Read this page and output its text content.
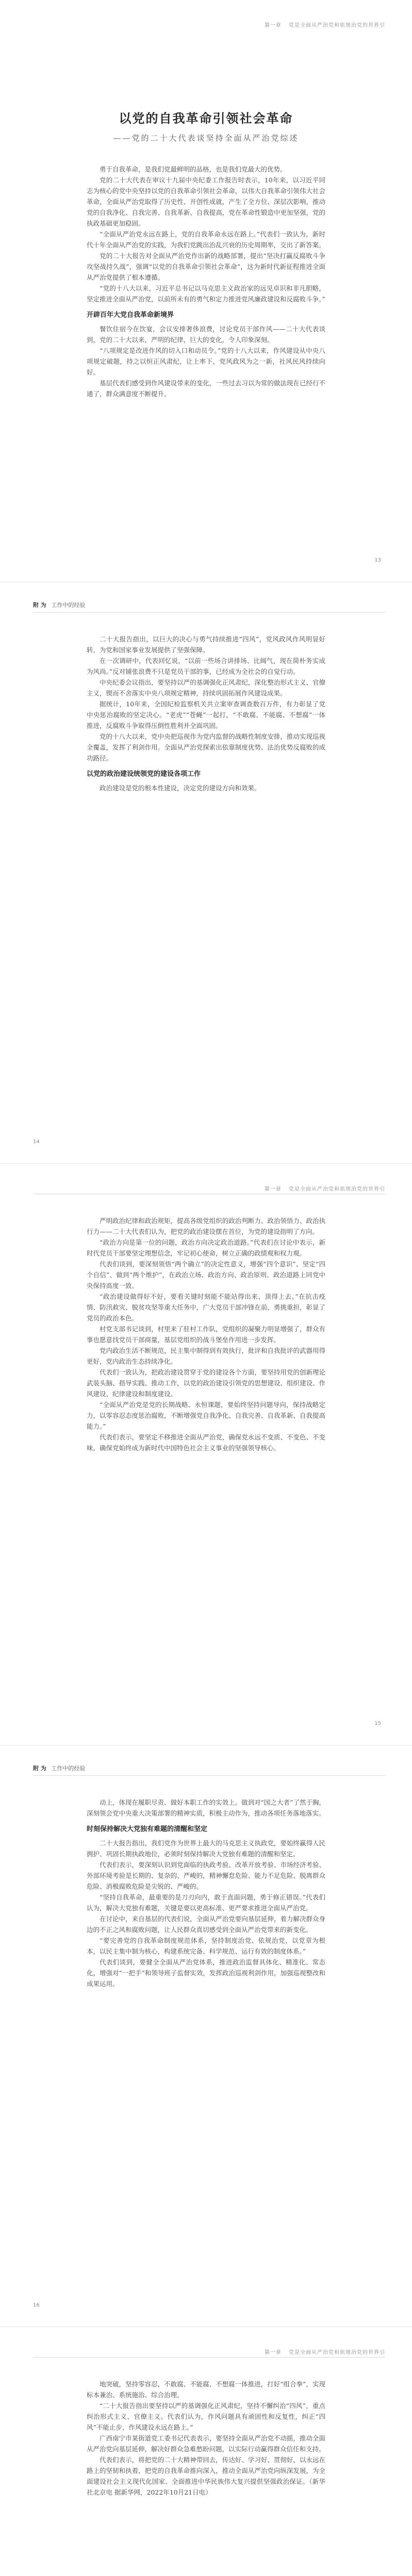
第一章 党是全面从严治党和依规治党的世界引
以党的自我革命引领社会革命
——党的二十大代表谈坚持全面从严治党综述

勇于自我革命，是我们党最鲜明的品格，也是我们党最大的优势。

党的二十大代表在审议十九届中央纪委工作报告时表示，10年来，以习近平同志为核心的党中央坚持以党的自我革命引领社会革命，以伟大自我革命引领伟大社会革命，全面从严治党取得了历史性、开创性成就，产生了全方位、深层次影响，推动党的自我净化、自我完善、自我革新、自我提高，党在革命性锻造中更加坚强，党的执政基础更加稳固。

“全面从严治党永远在路上，党的自我革命永远在路上。”代表们一致认为，新时代十年全面从严治党的实践，为我们党跳出治乱兴衰的历史周期率，交出了新答案。

党的二十大报告对全面从严治党作出新的战略部署，提出“坚决打赢反腐败斗争攻坚战持久战”，强调“以党的自我革命引领社会革命”，这为新时代新征程推进全面从严治党提供了根本遵循。

“党的十八大以来，习近平总书记以马克思主义政治家的远见卓识和非凡胆略，坚定推进全面从严治党，以前所未有的勇气和定力推进党风廉政建设和反腐败斗争。”

开辟百年大党自我革命新境界

餐饮住宿今在饮宴，会议安排奢侈浪费，讨论党员干部作风——二十大代表谈到，党的二十大以来，严明的纪律，巨大的变化，令人印象深刻。

“八项规定是改进作风的切入口和动员令。”党的十八大以来，作风建设从中央八项规定破题，持之以恒正风肃纪，让上率下，党风政风为之一新，社风民风持续向好。

基层代表们感受到作风建设带来的变化，一些过去习以为常的做法现在已经行不通了，群众满意度不断提升。

13
附 为 工作中的经验

二十大报告指出，以巨大的决心与勇气持续推进“四风”，党风政风作风明显好转，为党和国家事业发展提供了坚强保障。

在一次调研中，代表回忆说，“以前一些场合讲排场、比阔气，现在简朴务实成为风尚。”反对铺张浪费不只是党员干部的事，已经成为全社会的自觉行动。

中央纪委会议指出，要坚持以严的基调强化正风肃纪，深化整治形式主义、官僚主义，锲而不舍落实中央八项规定精神，持续巩固拓展作风建设成果。

据统计，10年来，全国纪检监察机关共立案审查调查数百万件，有力彰显了党中央惩治腐败的坚定决心。“老虎”“苍蝇”一起打，“不敢腐、不能腐、不想腐”一体推进，反腐败斗争取得压倒性胜利并全面巩固。

党的十八大以来，党中央把巡视作为党内监督的战略性制度安排，推动实现巡视全覆盖，发挥了利剑作用。全面从严治党探索出依靠制度优势、法治优势反腐败的成功路径。

以党的政治建设统领党的建设各项工作

政治建设是党的根本性建设，决定党的建设方向和效果。

14
第一章 党是全面从严治党和依规治党的世界引

严明政治纪律和政治规矩，提高各级党组织的政治判断力、政治领悟力、政治执行力——二十大代表们认为，把党的政治建设摆在首位，为党的建设指明了方向。

“政治方向是第一位的问题，政治方向决定政治道路。”代表们在讨论中表示，新时代党员干部要坚定理想信念，牢记初心使命，树立正确的政绩观和权力观。

代表们谈到，要深刻领悟“两个确立”的决定性意义，增强“四个意识”、坚定“四个自信”、做到“两个维护”，在政治立场、政治方向、政治原则、政治道路上同党中央保持高度一致。

“政治建设做得好不好，要看关键时刻能不能站得出来、顶得上去。”在抗击疫情、防汛救灾、脱贫攻坚等重大任务中，广大党员干部冲锋在前、勇挑重担，彰显了党员的政治本色。

村党支部书记谈到，村里来了驻村工作队，党组织的凝聚力明显增强了，群众有事也愿意找党员干部商量，基层党组织的战斗堡垒作用进一步发挥。

党内政治生活不断规范，民主集中制得到有效执行，批评和自我批评的武器用得更好，党内政治生态持续净化。

代表们一致认为，把政治建设贯穿于党的建设各个方面，要坚持用党的创新理论武装头脑、指导实践、推动工作，以党的政治建设引领党的思想建设、组织建设、作风建设、纪律建设和制度建设。

“全面从严治党是党的长期战略、永恒课题，要始终坚持问题导向，保持战略定力，以零容忍态度惩治腐败，不断增强党自我净化、自我完善、自我革新、自我提高能力。”

代表们表示，要坚定不移推进全面从严治党，确保党永远不变质、不变色、不变味，确保党始终成为新时代中国特色社会主义事业的坚强领导核心。

15
附 为 工作中的经验

动上，体现在履职尽责、做好本职工作的实效上。做到对“国之大者”了然于胸，深刻领会党中央重大决策部署的精神实质，积极主动作为，推动各项任务落地落实。

时刻保持解决大党独有难题的清醒和坚定

二十大报告指出，我们党作为世界上最大的马克思主义执政党，要始终赢得人民拥护、巩固长期执政地位，必须时刻保持解决大党独有难题的清醒和坚定。

代表们表示，要深刻认识到党面临的执政考验、改革开放考验、市场经济考验、外部环境考验是长期的、复杂的、严峻的，精神懈怠危险、能力不足危险、脱离群众危险、消极腐败危险是尖锐的、严峻的。

“坚持自我革命，最重要的是刀刃向内，敢于直面问题，勇于修正错误。”代表们认为，解决大党独有难题，关键是要以更高标准、更严要求推进全面从严治党。

在讨论中，来自基层的代表们说，全面从严治党要向基层延伸，着力解决群众身边的不正之风和腐败问题，让人民群众真切感受到全面从严治党带来的新变化。

“要完善党的自我革命制度规范体系，坚持制度治党、依规治党，以党章为根本，以民主集中制为核心，构建系统完备、科学规范、运行有效的制度体系。”

代表们谈到，要健全全面从严治党体系，推进政治监督具体化、精准化、常态化，增强对“一把手”和领导班子监督实效，发挥政治巡视利剑作用，加强巡视整改和成果运用。

16
第一章 党是全面从严治党和依规治党的世界引

地突破，坚持零容忍，不敢腐、不能腐、不想腐一体推进，打好“组合拳”，实现标本兼治、系统施治、综合治理。

“二十大报告指出要坚持以严的基调强化正风肃纪，坚持不懈纠治“四风”，重点纠治形式主义、官僚主义。代表们认为，作风问题具有顽固性和反复性，纠正“四风”不能止步，作风建设永远在路上。”

广西南宁市某街道党工委书记代表表示，要坚持全面从严治党不动摇，推动全面从严治党向基层延伸，解决好群众急难愁盼问题，以实际行动赢得群众信任和支持。

代表们表示，将把党的二十大精神带回去，传达好、学习好、贯彻好，以永远在路上的坚韧和执着，把党的自我革命推向深入，推动全面从严治党向纵深发展，为全面建设社会主义现代化国家、全面推进中华民族伟大复兴提供坚强政治保证。（新华社北京电 据新华网，2022年10月21日电）
